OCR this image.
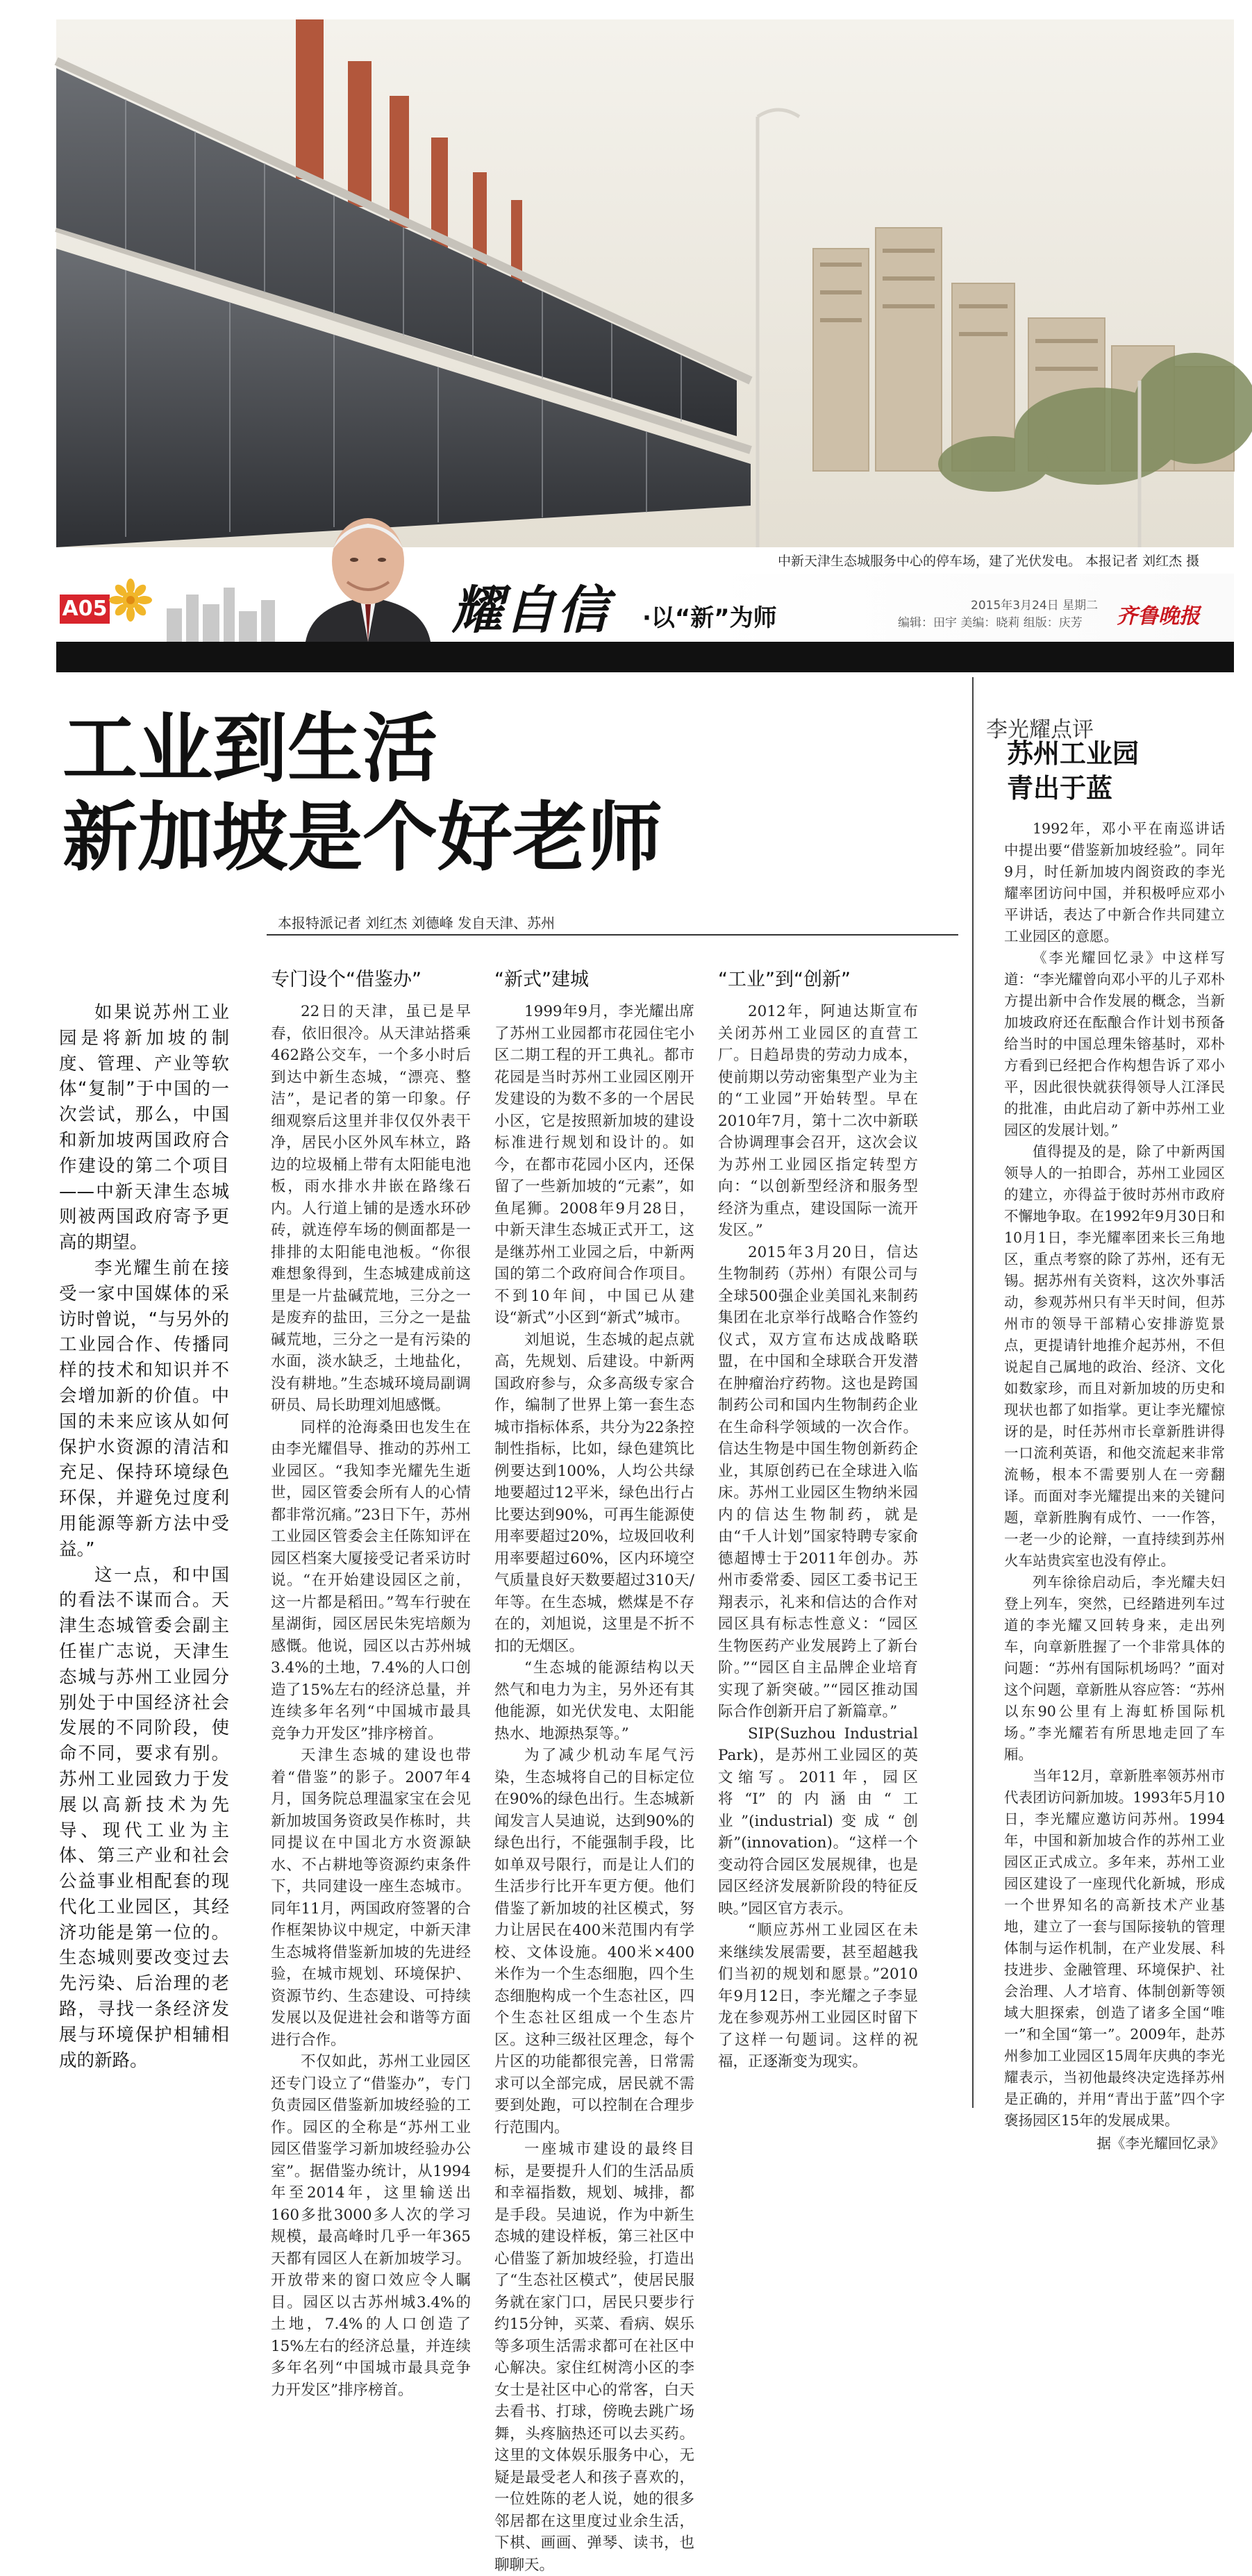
中新天津生态城服务中心的停车场，建了光伏发电。 本报记者 刘红杰 摄
A05	耀自信 ·以“新”为师	2015年3月24日 星期二
编辑：田宇 美编：晓莉 组版：庆芳 齐鲁晚报
工业到生活
新加坡是个好老师
本报特派记者 刘红杰 刘德峰 发自天津、苏州

如果说苏州工业园是将新加坡的制度、管理、产业等软体“复制”于中国的一次尝试，那么，中国和新加坡两国政府合作建设的第二个项目——中新天津生态城则被两国政府寄予更高的期望。

李光耀生前在接受一家中国媒体的采访时曾说，“与另外的工业园合作、传播同样的技术和知识并不会增加新的价值。中国的未来应该从如何保护水资源的清洁和充足、保持环境绿色环保，并避免过度利用能源等新方法中受益。”

这一点，和中国的看法不谋而合。天津生态城管委会副主任崔广志说，天津生态城与苏州工业园分别处于中国经济社会发展的不同阶段，使命不同，要求有别。苏州工业园致力于发展以高新技术为先导、现代工业为主体、第三产业和社会公益事业相配套的现代化工业园区，其经济功能是第一位的。生态城则要改变过去先污染、后治理的老路，寻找一条经济发展与环境保护相辅相成的新路。

专门设个“借鉴办”

22日的天津，虽已是早春，依旧很冷。从天津站搭乘462路公交车，一个多小时后到达中新生态城，“漂亮、整洁”，是记者的第一印象。仔细观察后这里并非仅仅外表干净，居民小区外风车林立，路边的垃圾桶上带有太阳能电池板，雨水排水井嵌在路缘石内。人行道上铺的是透水环砂砖，就连停车场的侧面都是一排排的太阳能电池板。“你很难想象得到，生态城建成前这里是一片盐碱荒地，三分之一是废弃的盐田，三分之一是盐碱荒地，三分之一是有污染的水面，淡水缺乏，土地盐化，没有耕地。”生态城环境局副调研员、局长助理刘旭感慨。

同样的沧海桑田也发生在由李光耀倡导、推动的苏州工业园区。“我知李光耀先生逝世，园区管委会所有人的心情都非常沉痛。”23日下午，苏州工业园区管委会主任陈知评在园区档案大厦接受记者采访时说。“在开始建设园区之前，这一片都是稻田。”驾车行驶在星湖街，园区居民朱宪培颇为感慨。他说，园区以古苏州城3.4%的土地，7.4%的人口创造了15%左右的经济总量，并连续多年名列“中国城市最具竞争力开发区”排序榜首。

天津生态城的建设也带着“借鉴”的影子。2007年4月，国务院总理温家宝在会见新加坡国务资政吴作栋时，共同提议在中国北方水资源缺水、不占耕地等资源约束条件下，共同建设一座生态城市。同年11月，两国政府签署的合作框架协议中规定，中新天津生态城将借鉴新加坡的先进经验，在城市规划、环境保护、资源节约、生态建设、可持续发展以及促进社会和谐等方面进行合作。

不仅如此，苏州工业园区还专门设立了“借鉴办”，专门负责园区借鉴新加坡经验的工作。园区的全称是“苏州工业园区借鉴学习新加坡经验办公室”。据借鉴办统计，从1994年至2014年，这里输送出160多批3000多人次的学习规模，最高峰时几乎一年365天都有园区人在新加坡学习。开放带来的窗口效应令人瞩目。园区以古苏州城3.4%的土地，7.4%的人口创造了15%左右的经济总量，并连续多年名列“中国城市最具竞争力开发区”排序榜首。

“新式”建城

1999年9月，李光耀出席了苏州工业园都市花园住宅小区二期工程的开工典礼。都市花园是当时苏州工业园区刚开发建设的为数不多的一个居民小区，它是按照新加坡的建设标准进行规划和设计的。如今，在都市花园小区内，还保留了一些新加坡的“元素”，如鱼尾狮。2008年9月28日，中新天津生态城正式开工，这是继苏州工业园之后，中新两国的第二个政府间合作项目。不到10年间，中国已从建设“新式”小区到“新式”城市。

刘旭说，生态城的起点就高，先规划、后建设。中新两国政府参与，众多高级专家合作，编制了世界上第一套生态城市指标体系，共分为22条控制性指标，比如，绿色建筑比例要达到100%，人均公共绿地要超过12平米，绿色出行占比要达到90%，可再生能源使用率要超过20%，垃圾回收利用率要超过60%，区内环境空气质量良好天数要超过310天/年等。在生态城，燃煤是不存在的，刘旭说，这里是不折不扣的无烟区。

“生态城的能源结构以天然气和电力为主，另外还有其他能源，如光伏发电、太阳能热水、地源热泵等。”

为了减少机动车尾气污染，生态城将自己的目标定位在90%的绿色出行。生态城新闻发言人吴迪说，达到90%的绿色出行，不能强制手段，比如单双号限行，而是让人们的生活步行比开车更方便。他们借鉴了新加坡的社区模式，努力让居民在400米范围内有学校、文体设施。400米×400米作为一个生态细胞，四个生态细胞构成一个生态社区，四个生态社区组成一个生态片区。这种三级社区理念，每个片区的功能都很完善，日常需求可以全部完成，居民就不需要到处跑，可以控制在合理步行范围内。

一座城市建设的最终目标，是要提升人们的生活品质和幸福指数，规划、城排，都是手段。吴迪说，作为中新生态城的建设样板，第三社区中心借鉴了新加坡经验，打造出了“生态社区模式”，使居民服务就在家门口，居民只要步行约15分钟，买菜、看病、娱乐等多项生活需求都可在社区中心解决。家住红树湾小区的李女士是社区中心的常客，白天去看书、打球，傍晚去跳广场舞，头疼脑热还可以去买药。这里的文体娱乐服务中心，无疑是最受老人和孩子喜欢的，一位姓陈的老人说，她的很多邻居都在这里度过业余生活，下棋、画画、弹琴、读书，也聊聊天。

“工业”到“创新”

2012年，阿迪达斯宣布关闭苏州工业园区的直营工厂。日趋昂贵的劳动力成本，使前期以劳动密集型产业为主的“工业园”开始转型。早在2010年7月，第十二次中新联合协调理事会召开，这次会议为苏州工业园区指定转型方向：“以创新型经济和服务型经济为重点，建设国际一流开发区。”

2015年3月20日，信达生物制药（苏州）有限公司与全球500强企业美国礼来制药集团在北京举行战略合作签约仪式，双方宣布达成战略联盟，在中国和全球联合开发潜在肿瘤治疗药物。这也是跨国制药公司和国内生物制药企业在生命科学领域的一次合作。信达生物是中国生物创新药企业，其原创药已在全球进入临床。苏州工业园区生物纳米园内的信达生物制药，就是由“千人计划”国家特聘专家俞德超博士于2011年创办。苏州市委常委、园区工委书记王翔表示，礼来和信达的合作对园区具有标志性意义：“园区生物医药产业发展跨上了新台阶。”“园区自主品牌企业培育实现了新突破。”“园区推动国际合作创新开启了新篇章。”

SIP(Suzhou Industrial Park)，是苏州工业园区的英文缩写。2011年，园区将“I”的内涵由“工业”(industrial)变成“创新”(innovation)。“这样一个变动符合园区发展规律，也是园区经济发展新阶段的特征反映。”园区官方表示。

“顺应苏州工业园区在未来继续发展需要，甚至超越我们当初的规划和愿景。”2010年9月12日，李光耀之子李显龙在参观苏州工业园区时留下了这样一句题词。这样的祝福，正逐渐变为现实。

李光耀点评
苏州工业园
青出于蓝

1992年，邓小平在南巡讲话中提出要“借鉴新加坡经验”。同年9月，时任新加坡内阁资政的李光耀率团访问中国，并积极呼应邓小平讲话，表达了中新合作共同建立工业园区的意愿。

《李光耀回忆录》中这样写道：“李光耀曾向邓小平的儿子邓朴方提出新中合作发展的概念，当新加坡政府还在酝酿合作计划书预备给当时的中国总理朱镕基时，邓朴方看到已经把合作构想告诉了邓小平，因此很快就获得领导人江泽民的批准，由此启动了新中苏州工业园区的发展计划。”

值得提及的是，除了中新两国领导人的一拍即合，苏州工业园区的建立，亦得益于彼时苏州市政府不懈地争取。在1992年9月30日和10月1日，李光耀率团来长三角地区，重点考察的除了苏州，还有无锡。据苏州有关资料，这次外事活动，参观苏州只有半天时间，但苏州市的领导干部精心安排游览景点，更提请针地推介起苏州，不但说起自己属地的政治、经济、文化如数家珍，而且对新加坡的历史和现状也都了如指掌。更让李光耀惊讶的是，时任苏州市长章新胜讲得一口流利英语，和他交流起来非常流畅，根本不需要别人在一旁翻译。而面对李光耀提出来的关键问题，章新胜胸有成竹、一一作答，一老一少的论辩，一直持续到苏州火车站贵宾室也没有停止。

列车徐徐启动后，李光耀夫妇登上列车，突然，已经踏进列车过道的李光耀又回转身来，走出列车，向章新胜握了一个非常具体的问题：“苏州有国际机场吗？”面对这个问题，章新胜从容应答：“苏州以东90公里有上海虹桥国际机场。”李光耀若有所思地走回了车厢。

当年12月，章新胜率领苏州市代表团访问新加坡。1993年5月10日，李光耀应邀访问苏州。1994年，中国和新加坡合作的苏州工业园区正式成立。多年来，苏州工业园区建设了一座现代化新城，形成一个世界知名的高新技术产业基地，建立了一套与国际接轨的管理体制与运作机制，在产业发展、科技进步、金融管理、环境保护、社会治理、人才培育、体制创新等领域大胆探索，创造了诸多全国“唯一”和全国“第一”。2009年，赴苏州参加工业园区15周年庆典的李光耀表示，当初他最终决定选择苏州是正确的，并用“青出于蓝”四个字褒扬园区15年的发展成果。

据《李光耀回忆录》
